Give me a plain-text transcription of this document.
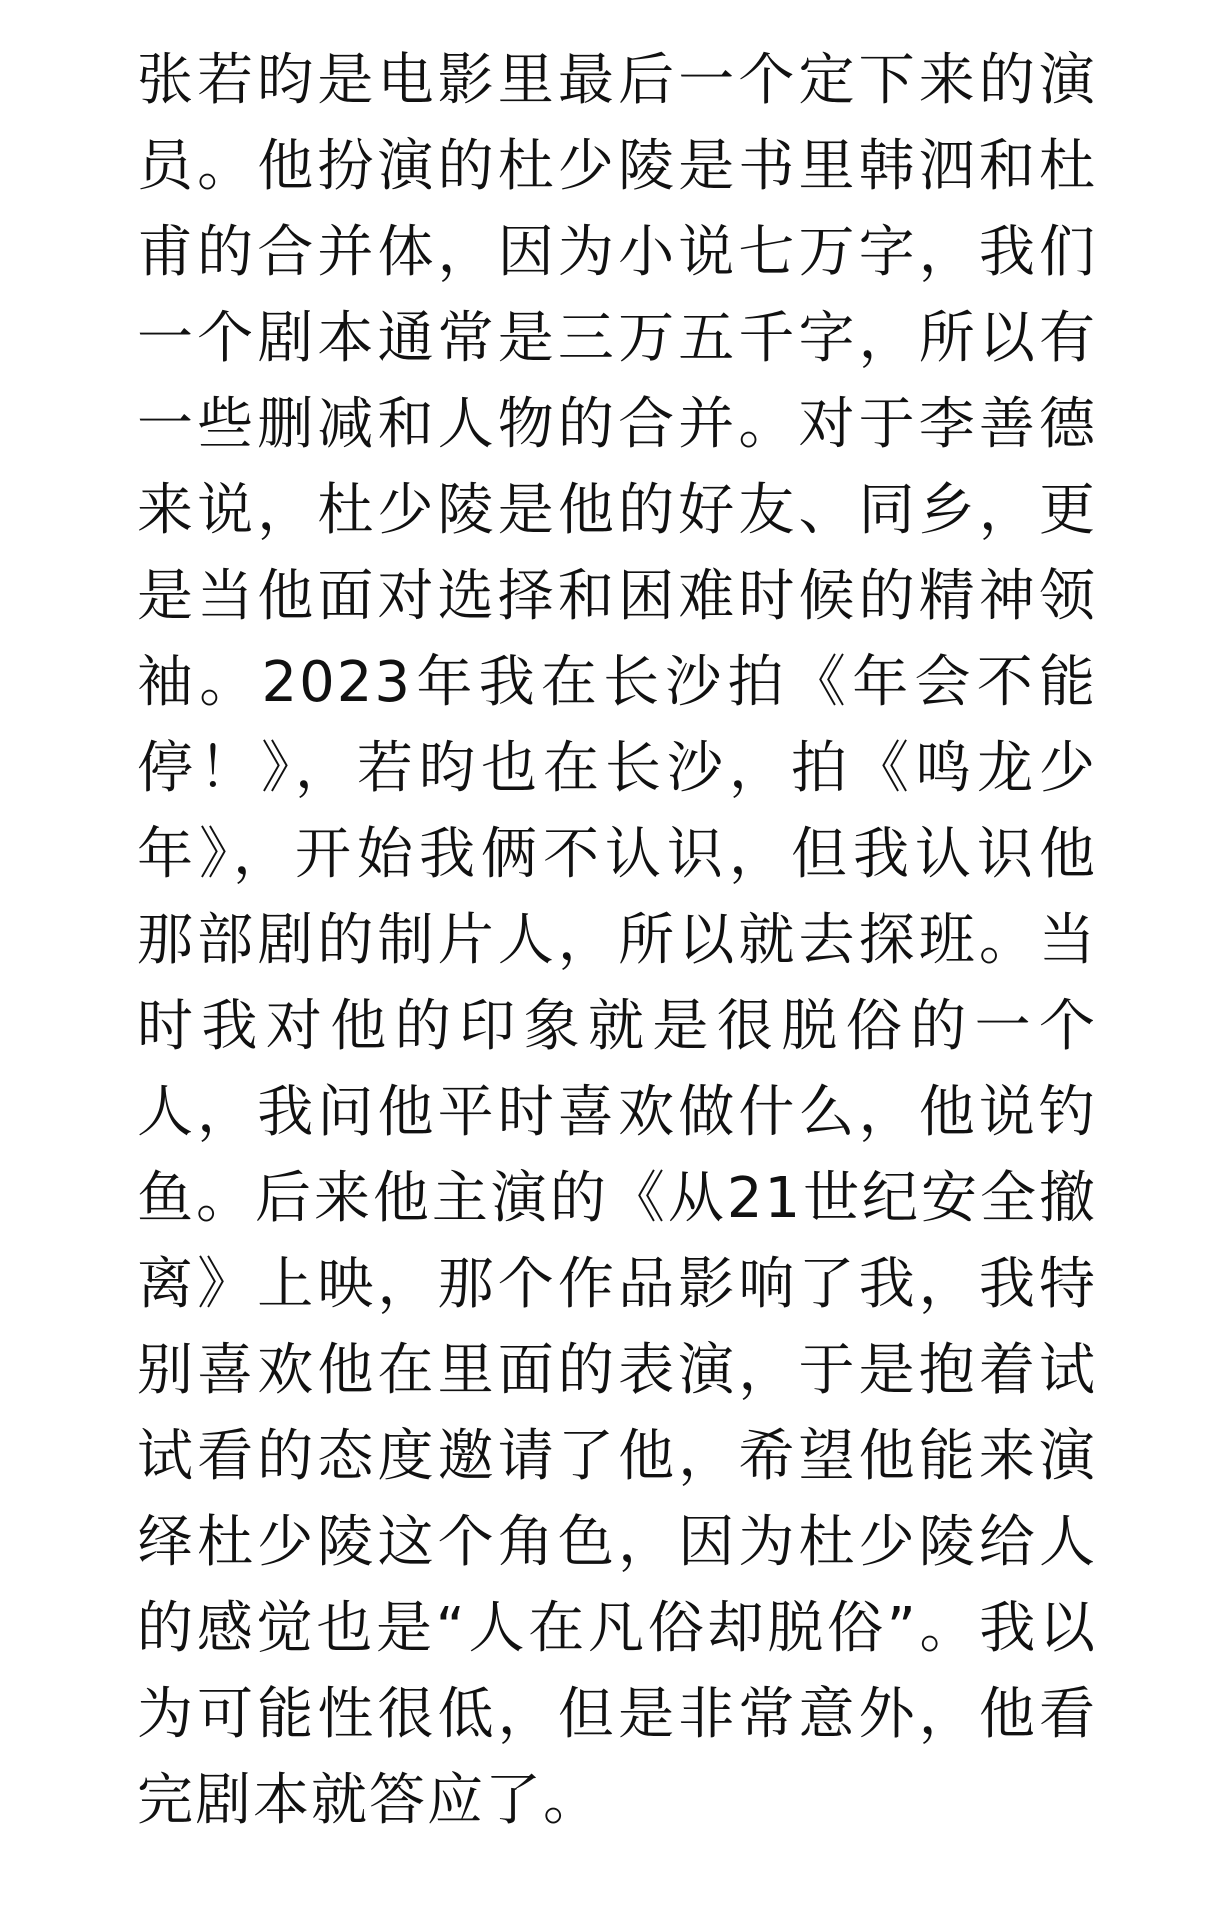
张若昀是电影里最后一个定下来的演
员。他扮演的杜少陵是书里韩泗和杜
甫的合并体，因为小说七万字，我们
一个剧本通常是三万五千字，所以有
一些删减和人物的合并。对于李善德
来说，杜少陵是他的好友、同乡，更
是当他面对选择和困难时候的精神领
袖。2023年我在长沙拍《年会不能
停！》，若昀也在长沙，拍《鸣龙少
年》，开始我俩不认识，但我认识他
那部剧的制片人，所以就去探班。当
时我对他的印象就是很脱俗的一个
人，我问他平时喜欢做什么，他说钓
鱼。后来他主演的《从21世纪安全撤
离》上映，那个作品影响了我，我特
别喜欢他在里面的表演，于是抱着试
试看的态度邀请了他，希望他能来演
绎杜少陵这个角色，因为杜少陵给人
的感觉也是“人在凡俗却脱俗”。我以
为可能性很低，但是非常意外，他看
完剧本就答应了。
